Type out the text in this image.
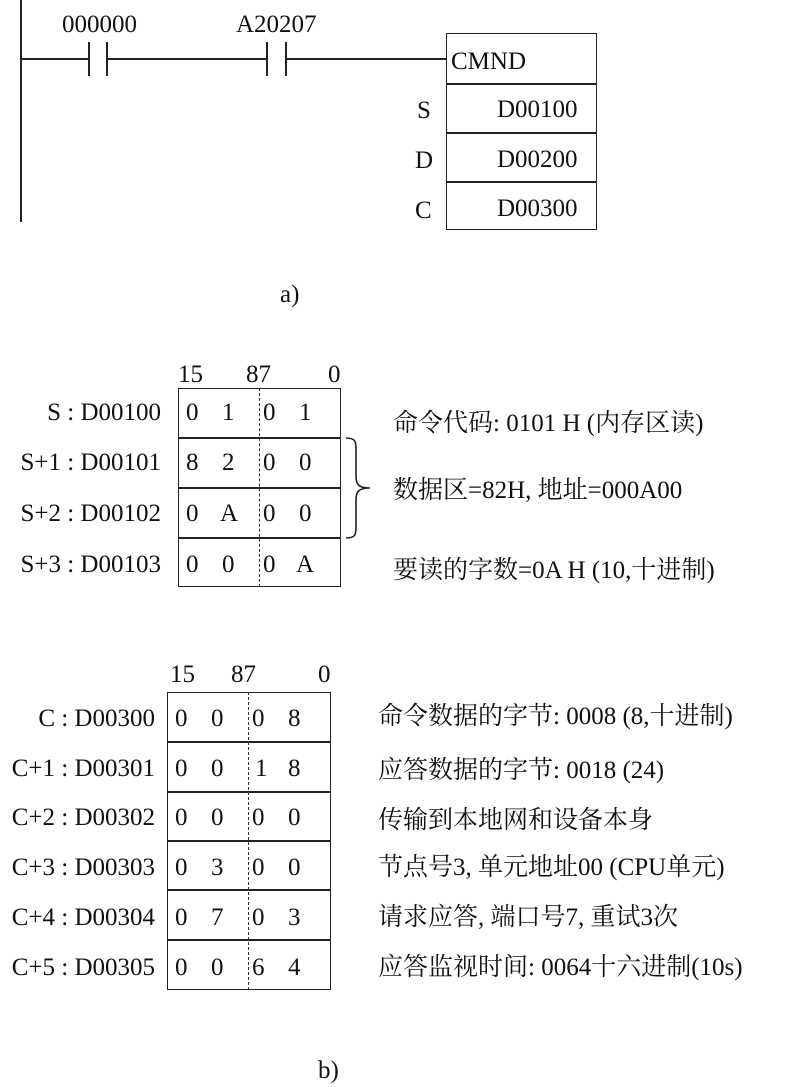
000000	A20207
CMND
S	D00100
D	D00200
C	D00300
a)
15 87 0
S : D00100 0 1 0 1
S+1 : D00101 8 2 0 0
S+2 : D00102 0 A 0 0
S+3 : D00103 0 0 0 A
命令代码: 0101 H (内存区读)
数据区=82H, 地址=000A00
要读的字数=0A H (10,十进制)
15 87 0
C : D00300 0 0 0 8	命令数据的字节: 0008 (8,十进制)
C+1 : D00301 0 0 1 8	应答数据的字节: 0018 (24)
C+2 : D00302 0 0 0 0	传输到本地网和设备本身
C+3 : D00303 0 3 0 0	节点号3, 单元地址00 (CPU单元)
C+4 : D00304 0 7 0 3	请求应答, 端口号7, 重试3次
C+5 : D00305 0 0 6 4	应答监视时间: 0064十六进制(10s)
b)
